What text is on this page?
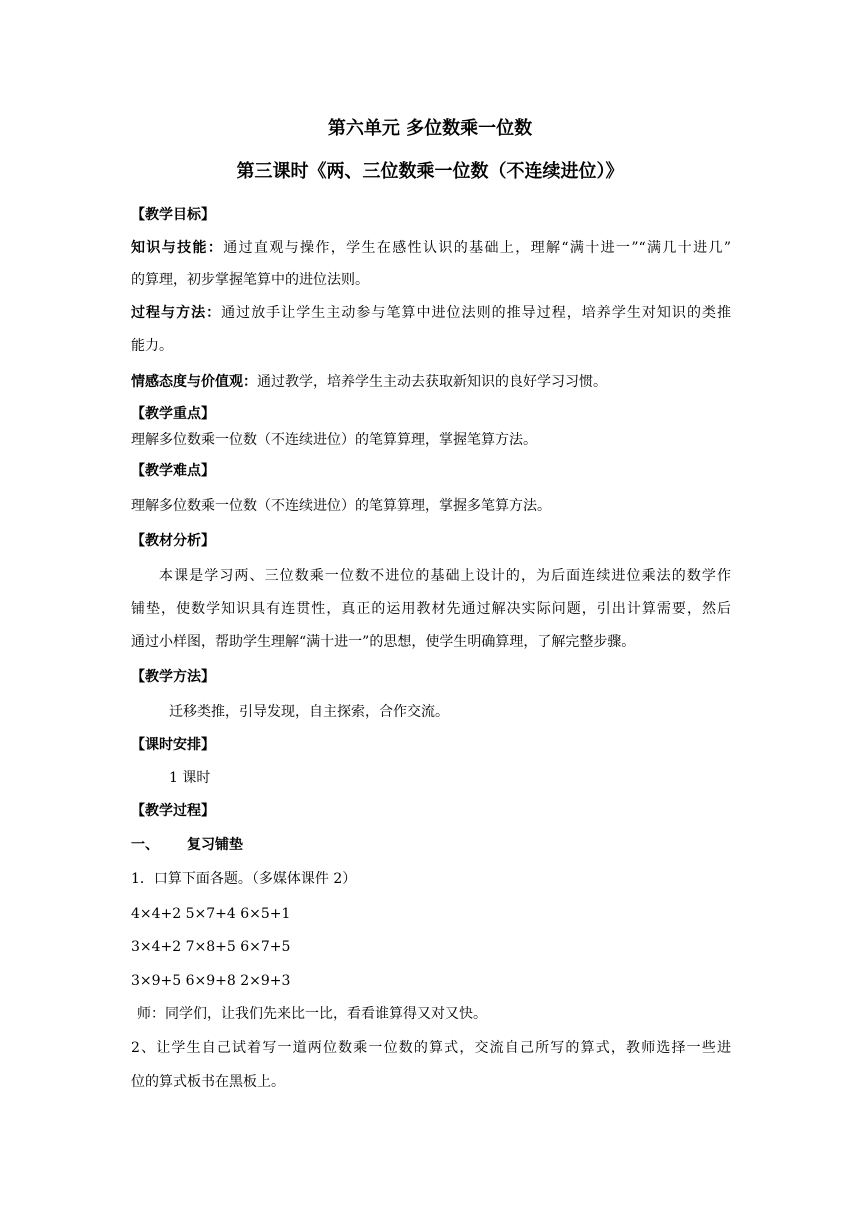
第六单元 多位数乘一位数
第三课时《两、三位数乘一位数（不连续进位）》
【教学目标】
知识与技能：通过直观与操作，学生在感性认识的基础上，理解“满十进一”“满几十进几”
的算理，初步掌握笔算中的进位法则。
过程与方法：通过放手让学生主动参与笔算中进位法则的推导过程，培养学生对知识的类推
能力。
情感态度与价值观：通过教学，培养学生主动去获取新知识的良好学习习惯。
【教学重点】
理解多位数乘一位数（不连续进位）的笔算算理，掌握笔算方法。
【教学难点】
理解多位数乘一位数（不连续进位）的笔算算理，掌握多笔算方法。
【教材分析】
本课是学习两、三位数乘一位数不进位的基础上设计的，为后面连续进位乘法的数学作
铺垫，使数学知识具有连贯性，真正的运用教材先通过解决实际问题，引出计算需要，然后
通过小样图，帮助学生理解“满十进一”的思想，使学生明确算理，了解完整步骤。
【教学方法】
迁移类推，引导发现，自主探索，合作交流。
【课时安排】
1 课时
【教学过程】
一、 复习铺垫
1．口算下面各题。（多媒体课件 2）
4×4+2 5×7+4 6×5+1
3×4+2 7×8+5 6×7+5
3×9+5 6×9+8 2×9+3
师：同学们，让我们先来比一比，看看谁算得又对又快。
2、让学生自己试着写一道两位数乘一位数的算式，交流自己所写的算式，教师选择一些进
位的算式板书在黑板上。
